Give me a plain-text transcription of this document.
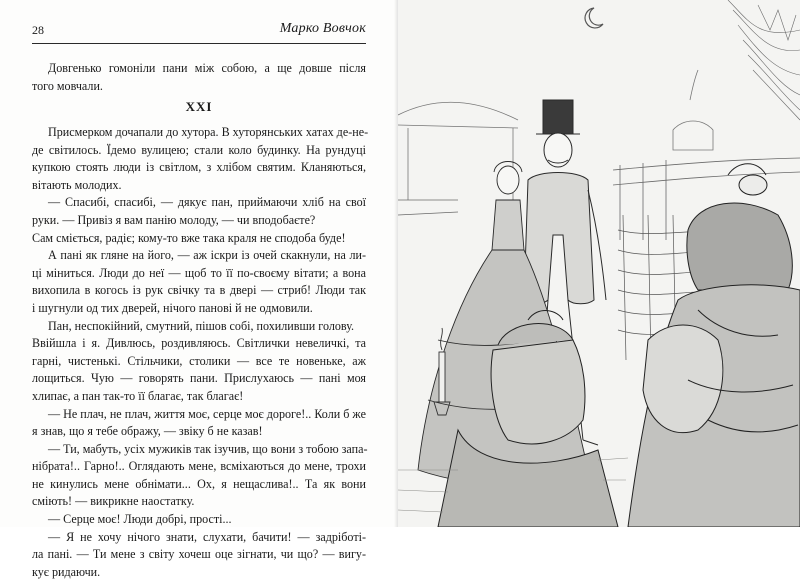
28	Марко Вовчок

Довгенько гомоніли пани між собою, а ще довше після
того мовчали.

XXI
Присмерком дочапали до хутора. В хуторянських хатах де-не-
де світилось. Їдемо вулицею; стали коло будинку. На рундуці
купкою стоять люди із світлом, з хлібом святим. Кланяються,
вітають молодих.
— Спасибі, спасибі, — дякує пан, приймаючи хліб на свої
руки. — Привіз я вам панію молоду, — чи вподобаєте?
Сам сміється, радіє; кому-то вже така краля не сподоба буде!
А пані як гляне на його, — аж іскри із очей скакнули, на ли-
ці міниться. Люди до неї — щоб то її по-своєму вітати; а вона
вихопила в когось із рук свічку та в двері — стриб! Люди так
і шугнули од тих дверей, нічого панові й не одмовили.
Пан, неспокійний, смутний, пішов собі, похиливши голову.
Ввійшла і я. Дивлюсь, роздивляюсь. Світлички невеличкі, та
гарні, чистенькі. Стільчики, столики — все те новеньке, аж
лощиться. Чую — говорять пани. Прислухаюсь — пані моя
хлипає, а пан так-то її благає, так благає!
— Не плач, не плач, життя моє, серце моє дороге!.. Коли б же
я знав, що я тебе ображу, — звіку б не казав!
— Ти, мабуть, усіх мужиків так ізучив, що вони з тобою запа-
нібрата!.. Гарно!.. Оглядають мене, всміхаються до мене, трохи
не кинулись мене обнімати... Ох, я нещаслива!.. Та як вони
сміють! — викрикне наостатку.
— Серце моє! Люди добрі, прості...
— Я не хочу нічого знати, слухати, бачити! — задріботі-
ла пані. — Ти мене з світу хочеш оце зігнати, чи що? — вигу-
кує ридаючи.
